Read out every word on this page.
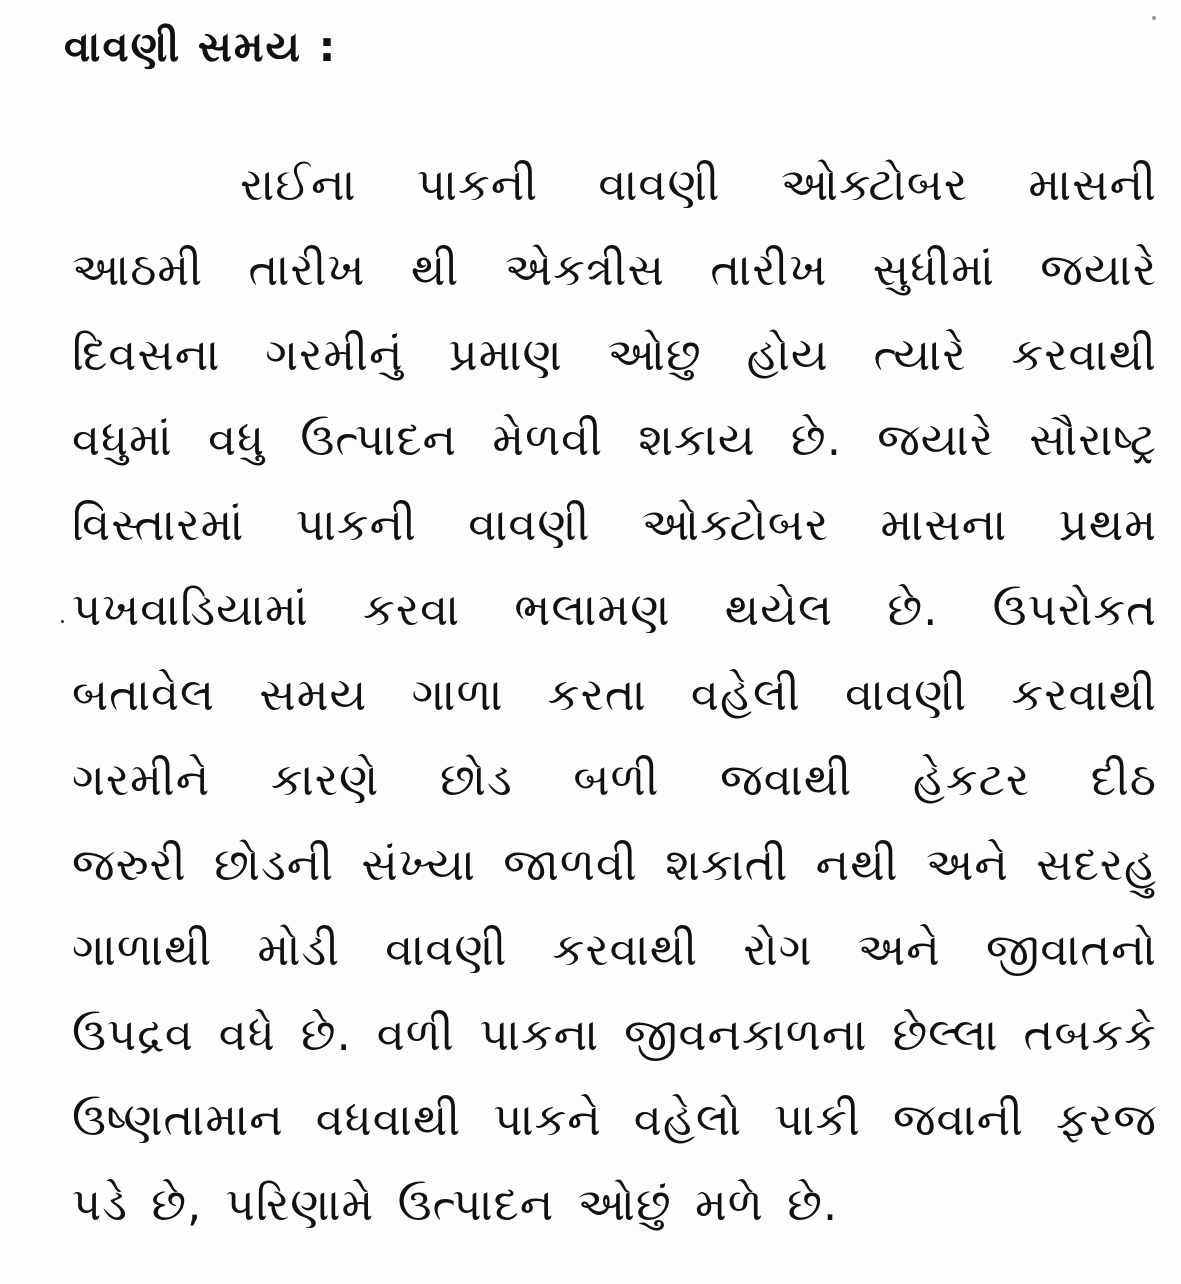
વાવણી સમય :
રાઈના પાકની વાવણી ઓક્ટોબર માસની
આઠમી તારીખ થી એકત્રીસ તારીખ સુધીમાં જયારે
દિવસના ગરમીનું પ્રમાણ ઓછુ હોય ત્યારે કરવાથી
વધુમાં વધુ ઉત્પાદન મેળવી શકાય છે. જયારે સૌરાષ્ટ્ર
વિસ્તારમાં પાકની વાવણી ઓક્ટોબર માસના પ્રથમ
પખવાડિયામાં કરવા ભલામણ થયેલ છે. ઉપરોકત
બતાવેલ સમય ગાળા કરતા વહેલી વાવણી કરવાથી
ગરમીને કારણે છોડ બળી જવાથી હેકટર દીઠ
જરુરી છોડની સંખ્યા જાળવી શકાતી નથી અને સદરહુ
ગાળાથી મોડી વાવણી કરવાથી રોગ અને જીવાતનો
ઉપદ્રવ વધે છે. વળી પાકના જીવનકાળના છેલ્લા તબકકે
ઉષ્ણતામાન વધવાથી પાકને વહેલો પાકી જવાની ફરજ
પડે છે, પરિણામે ઉત્પાદન ઓછું મળે છે.
